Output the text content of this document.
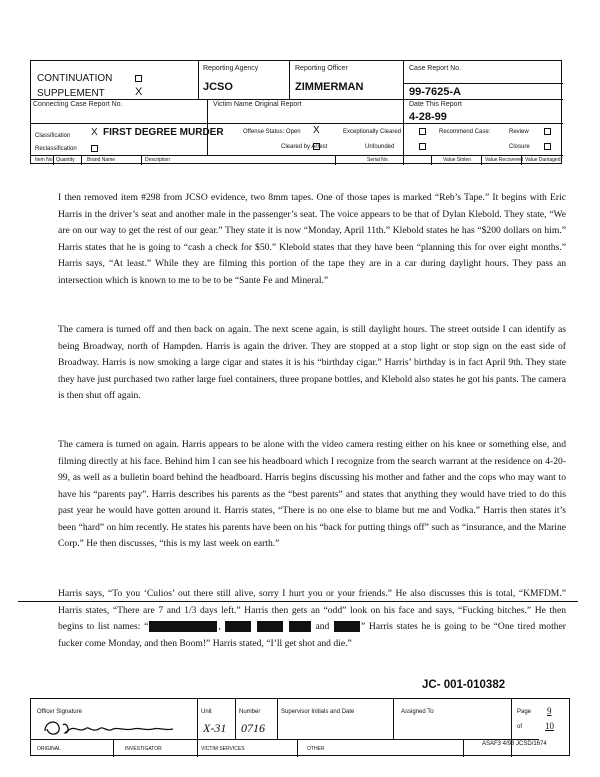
CONTINUATION
SUPPLEMENT	X
Reporting Agency
JCSO
Reporting Officer
ZIMMERMAN
Case Report No.
99-7625-A
Connecting Case Report No.	Victim Name Original Report	Date This Report
4-28-99
Classification X FIRST DEGREE MURDER
Reclassification
Offense Status: Open X	Exceptionally Cleared
Cleared by Arrest	Unfounded
Recommend Case:	Review
Closure
Item No. Quantity Brand Name	Description	Serial No.	Value Stolen	Value Recovered Value Damaged

I then removed item #298 from JCSO evidence, two 8mm tapes. One of those tapes is marked “Reb’s Tape.” It begins with Eric Harris in the driver’s seat and another male in the passenger’s seat. The voice appears to be that of Dylan Klebold. They state, “We are on our way to get the rest of our gear.” They state it is now “Monday, April 11th.” Klebold states he has “$200 dollars on him.” Harris states that he is going to “cash a check for $50.” Klebold states that they have been “planning this for over eight months.” Harris says, “At least.” While they are filming this portion of the tape they are in a car during daylight hours. They pass an intersection which is known to me to be to be “Sante Fe and Mineral.”

The camera is turned off and then back on again. The next scene again, is still daylight hours. The street outside I can identify as being Broadway, north of Hampden. Harris is again the driver. They are stopped at a stop light or stop sign on the east side of Broadway. Harris is now smoking a large cigar and states it is his “birthday cigar.” Harris’ birthday is in fact April 9th. They state they have just purchased two rather large fuel containers, three propane bottles, and Klebold also states he got his pants. The camera is then shut off again.

The camera is turned on again. Harris appears to be alone with the video camera resting either on his knee or something else, and filming directly at his face. Behind him I can see his headboard which I recognize from the search warrant at the residence on 4-20-99, as well as a bulletin board behind the headboard. Harris begins discussing his mother and father and the cops who may want to have his “parents pay”. Harris describes his parents as the “best parents” and states that anything they would have tried to do this past year he would have gotten around it. Harris states, “There is no one else to blame but me and Vodka.” Harris then states it’s been “hard” on him recently. He states his parents have been on his “back for putting things off” such as “insurance, and the Marine Corp.” He then discusses, “this is my last week on earth.”

Harris says, “To you ‘Culios’ out there still alive, sorry I hurt you or your friends.” He also discusses this is total, “KMFDM.” Harris states, “There are 7 and 1/3 days left.” Harris then gets an “odd” look on his face and says, “Fucking bitches.” He then begins to list names: “	,	and	” Harris states he is going to be “One tired mother fucker come Monday, and then Boom!” Harris stated, “I’ll get shot and die.”

JC- 001-010382
Officer Signature	Unit
X-31
Number
0716
Supervisor Initials and Date	Assigned To	Page 9
of	10
ORIGINAL	INVESTIGATOR	VICTIM SERVICES	OTHER
ASAF3 4/98 JCSD/1674
